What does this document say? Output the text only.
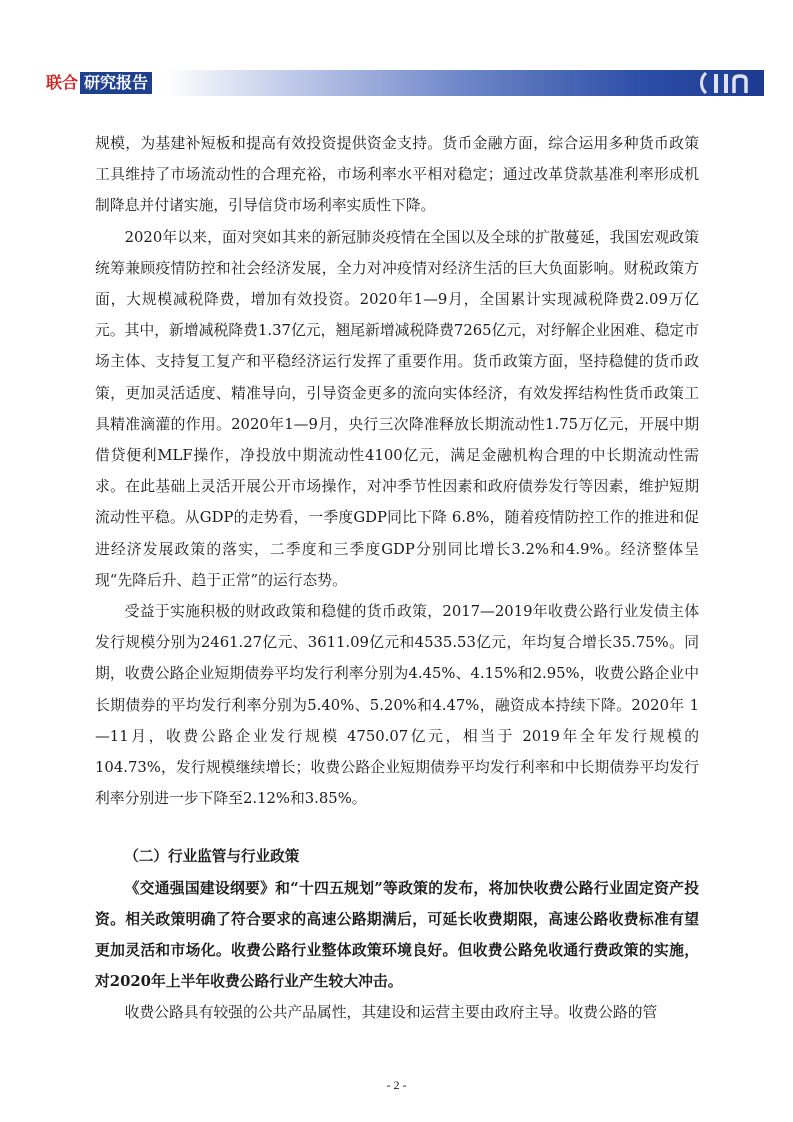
联合 研究报告

规模，为基建补短板和提高有效投资提供资金支持。货币金融方面，综合运用多种货币政策工具维持了市场流动性的合理充裕，市场利率水平相对稳定；通过改革贷款基准利率形成机制降息并付诸实施，引导信贷市场利率实质性下降。

2020年以来，面对突如其来的新冠肺炎疫情在全国以及全球的扩散蔓延，我国宏观政策统筹兼顾疫情防控和社会经济发展，全力对冲疫情对经济生活的巨大负面影响。财税政策方面，大规模减税降费，增加有效投资。2020年1—9月，全国累计实现减税降费2.09万亿元。其中，新增减税降费1.37亿元，翘尾新增减税降费7265亿元，对纾解企业困难、稳定市场主体、支持复工复产和平稳经济运行发挥了重要作用。货币政策方面，坚持稳健的货币政策，更加灵活适度、精准导向，引导资金更多的流向实体经济，有效发挥结构性货币政策工具精准滴灌的作用。2020年1—9月，央行三次降准释放长期流动性1.75万亿元，开展中期借贷便利MLF操作，净投放中期流动性4100亿元，满足金融机构合理的中长期流动性需求。在此基础上灵活开展公开市场操作，对冲季节性因素和政府债券发行等因素，维护短期流动性平稳。从GDP的走势看，一季度GDP同比下降 6.8%，随着疫情防控工作的推进和促进经济发展政策的落实，二季度和三季度GDP分别同比增长3.2%和4.9%。经济整体呈现“先降后升、趋于正常”的运行态势。

受益于实施积极的财政政策和稳健的货币政策，2017—2019年收费公路行业发债主体发行规模分别为2461.27亿元、3611.09亿元和4535.53亿元，年均复合增长35.75%。同期，收费公路企业短期债券平均发行利率分别为4.45%、4.15%和2.95%，收费公路企业中长期债券的平均发行利率分别为5.40%、5.20%和4.47%，融资成本持续下降。2020年 1—11月，收费公路企业发行规模 4750.07亿元，相当于 2019年全年发行规模的104.73%，发行规模继续增长；收费公路企业短期债券平均发行利率和中长期债券平均发行利率分别进一步下降至2.12%和3.85%。

（二）行业监管与行业政策

《交通强国建设纲要》和“十四五规划”等政策的发布，将加快收费公路行业固定资产投资。相关政策明确了符合要求的高速公路期满后，可延长收费期限，高速公路收费标准有望更加灵活和市场化。收费公路行业整体政策环境良好。但收费公路免收通行费政策的实施，对2020年上半年收费公路行业产生较大冲击。

收费公路具有较强的公共产品属性，其建设和运营主要由政府主导。收费公路的管

- 2 -
